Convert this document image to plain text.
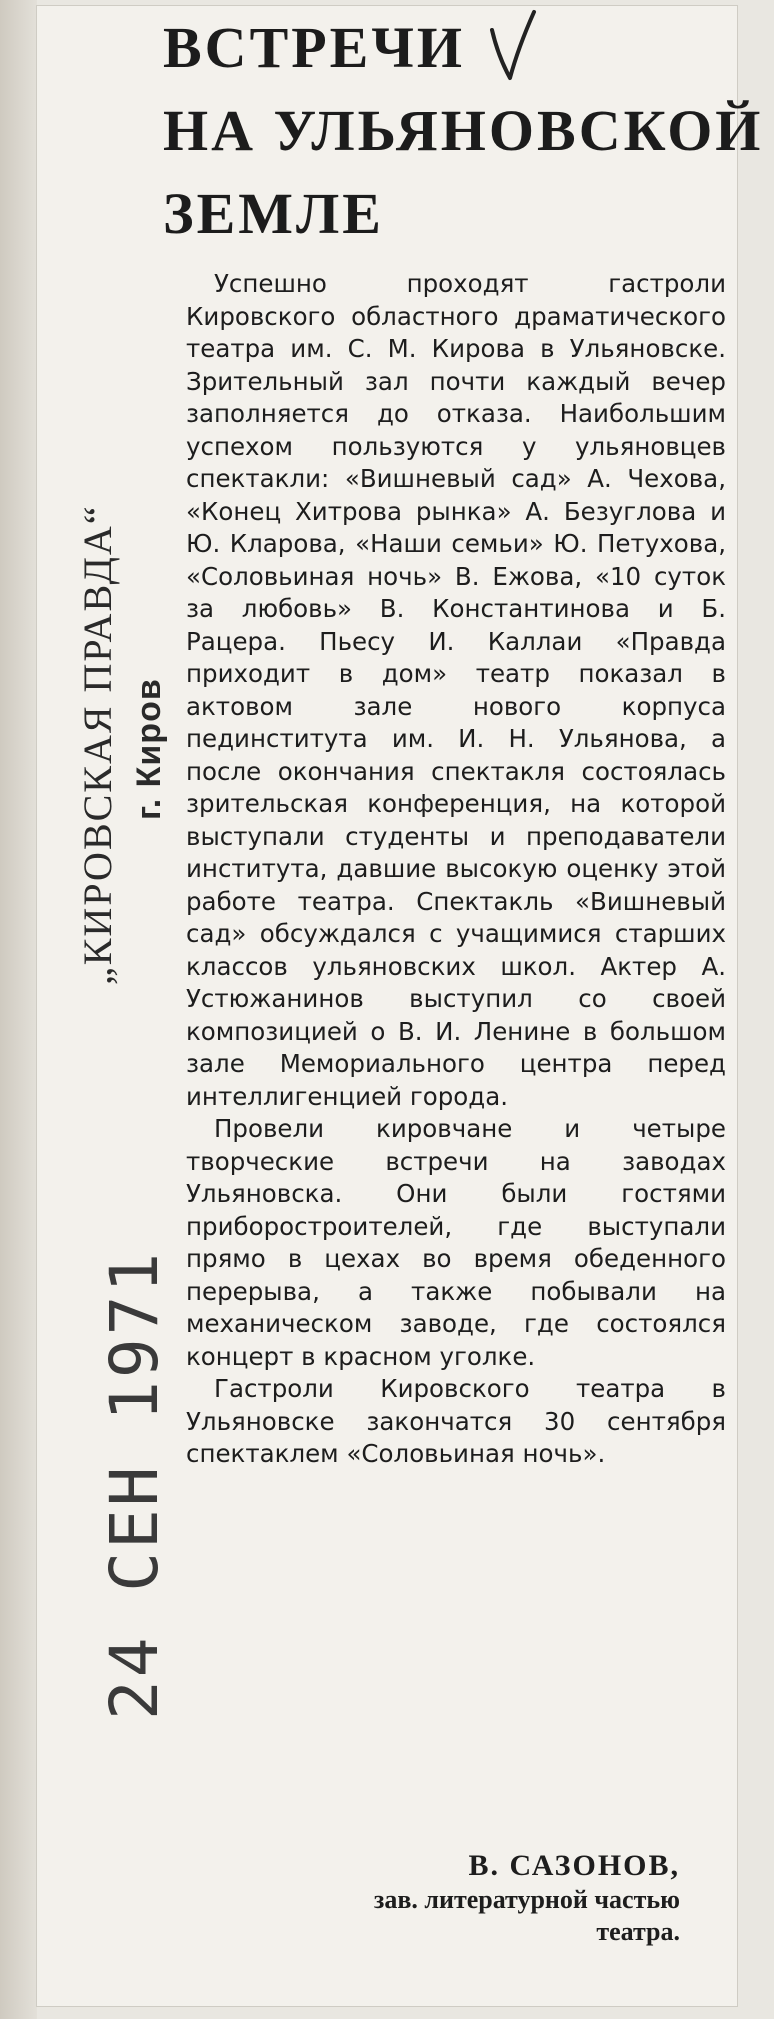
ВСТРЕЧИ
НА УЛЬЯНОВСКОЙ
ЗЕМЛЕ
„КИРОВСКАЯ ПРАВДА“ г. Киров
24 СЕН 1971

Успешно проходят гастроли Кировского областного драматического театра им. С. М. Кирова в Ульяновске. Зрительный зал почти каждый вечер заполняется до отказа. Наибольшим успехом пользуются у ульяновцев спектакли: «Вишневый сад» А. Чехова, «Конец Хитрова рынка» А. Безуглова и Ю. Кларова, «Наши семьи» Ю. Петухова, «Соловьиная ночь» В. Ежова, «10 суток за любовь» В. Константинова и Б. Рацера. Пьесу И. Каллаи «Правда приходит в дом» театр показал в актовом зале нового корпуса пединститута им. И. Н. Ульянова, а после окончания спектакля состоялась зрительская конференция, на которой выступали студенты и преподаватели института, давшие высокую оценку этой работе театра. Спектакль «Вишневый сад» обсуждался с учащимися старших классов ульяновских школ. Актер А. Устюжанинов выступил со своей композицией о В. И. Ленине в большом зале Мемориального центра перед интеллигенцией города.

Провели кировчане и четыре творческие встречи на заводах Ульяновска. Они были гостями приборостроителей, где выступали прямо в цехах во время обеденного перерыва, а также побывали на механическом заводе, где состоялся концерт в красном уголке.

Гастроли Кировского театра в Ульяновске закончатся 30 сентября спектаклем «Соловьиная ночь».

В. САЗОНОВ,
зав. литературной частью
театра.
